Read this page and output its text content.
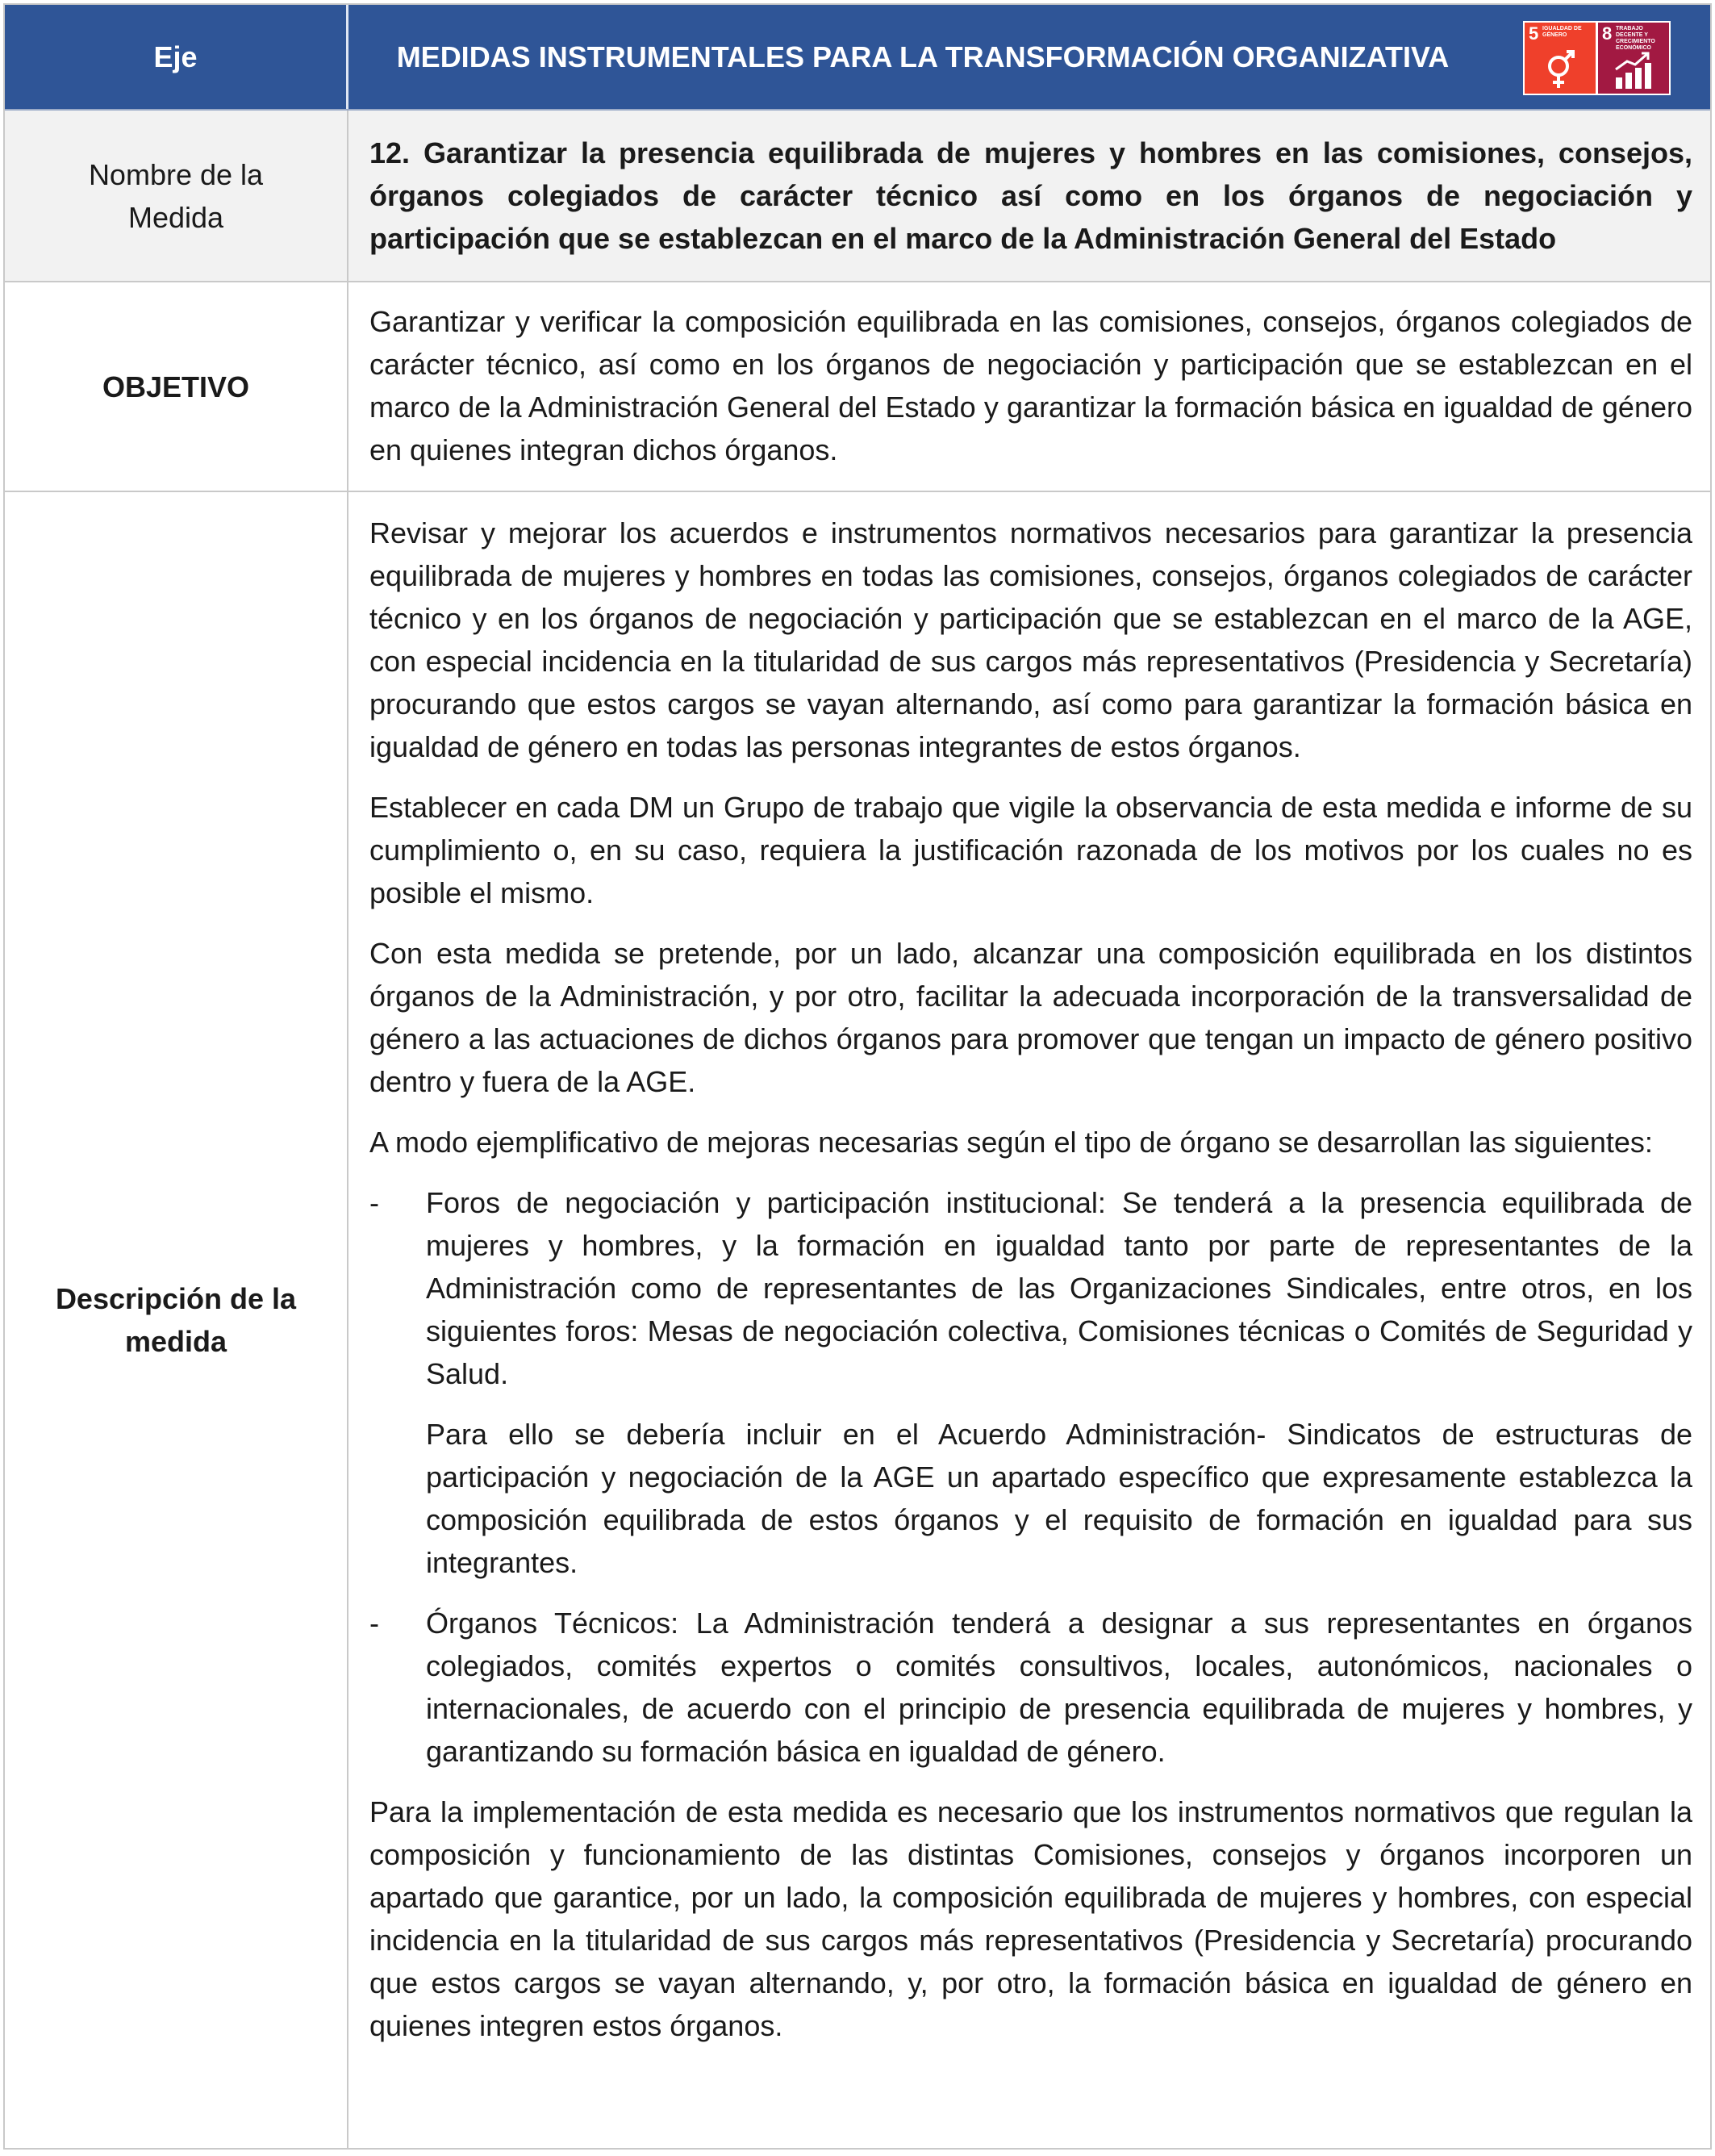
Eje	MEDIDAS INSTRUMENTALES PARA LA TRANSFORMACIÓN ORGANIZATIVA
5 IGUALDAD DE GÉNERO	8 TRABAJO DECENTE Y CRECIMIENTO ECONÓMICO
Nombre de la Medida

12. Garantizar la presencia equilibrada de mujeres y hombres en las comisiones, consejos, órganos colegiados de carácter técnico así como en los órganos de negociación y participación que se establezcan en el marco de la Administración General del Estado

OBJETIVO

Garantizar y verificar la composición equilibrada en las comisiones, consejos, órganos colegiados de carácter técnico, así como en los órganos de negociación y participación que se establezcan en el marco de la Administración General del Estado y garantizar la formación básica en igualdad de género en quienes integran dichos órganos.

Descripción de la medida

Revisar y mejorar los acuerdos e instrumentos normativos necesarios para garantizar la presencia equilibrada de mujeres y hombres en todas las comisiones, consejos, órganos colegiados de carácter técnico y en los órganos de negociación y participación que se establezcan en el marco de la AGE, con especial incidencia en la titularidad de sus cargos más representativos (Presidencia y Secretaría) procurando que estos cargos se vayan alternando, así como para garantizar la formación básica en igualdad de género en todas las personas integrantes de estos órganos.

Establecer en cada DM un Grupo de trabajo que vigile la observancia de esta medida e informe de su cumplimiento o, en su caso, requiera la justificación razonada de los motivos por los cuales no es posible el mismo.

Con esta medida se pretende, por un lado, alcanzar una composición equilibrada en los distintos órganos de la Administración, y por otro, facilitar la adecuada incorporación de la transversalidad de género a las actuaciones de dichos órganos para promover que tengan un impacto de género positivo dentro y fuera de la AGE.

A modo ejemplificativo de mejoras necesarias según el tipo de órgano se desarrollan las siguientes:

- Foros de negociación y participación institucional: Se tenderá a la presencia equilibrada de mujeres y hombres, y la formación en igualdad tanto por parte de representantes de la Administración como de representantes de las Organizaciones Sindicales, entre otros, en los siguientes foros: Mesas de negociación colectiva, Comisiones técnicas o Comités de Seguridad y Salud.

Para ello se debería incluir en el Acuerdo Administración- Sindicatos de estructuras de participación y negociación de la AGE un apartado específico que expresamente establezca la composición equilibrada de estos órganos y el requisito de formación en igualdad para sus integrantes.

- Órganos Técnicos: La Administración tenderá a designar a sus representantes en órganos colegiados, comités expertos o comités consultivos, locales, autonómicos, nacionales o internacionales, de acuerdo con el principio de presencia equilibrada de mujeres y hombres, y garantizando su formación básica en igualdad de género.

Para la implementación de esta medida es necesario que los instrumentos normativos que regulan la composición y funcionamiento de las distintas Comisiones, consejos y órganos incorporen un apartado que garantice, por un lado, la composición equilibrada de mujeres y hombres, con especial incidencia en la titularidad de sus cargos más representativos (Presidencia y Secretaría) procurando que estos cargos se vayan alternando, y, por otro, la formación básica en igualdad de género en quienes integren estos órganos.
